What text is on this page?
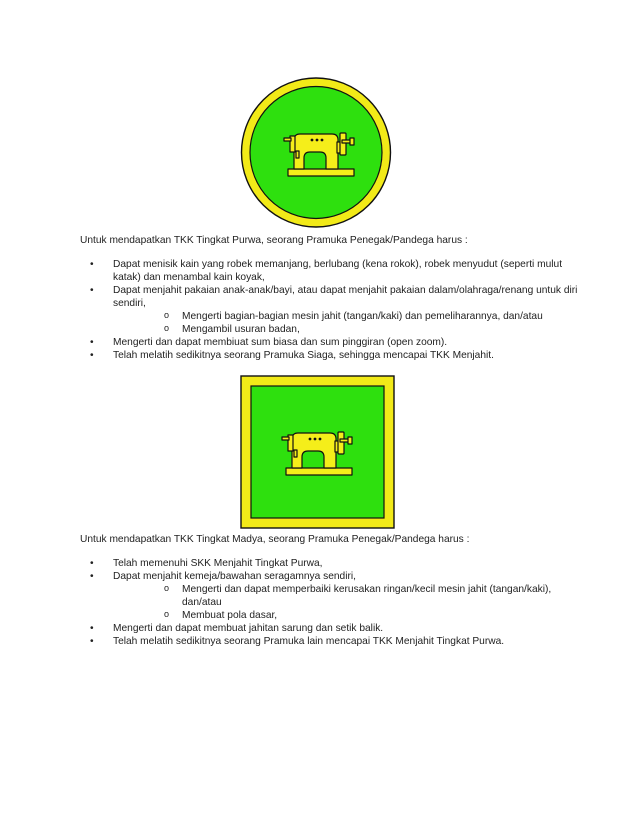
Untuk mendapatkan TKK Tingkat Purwa, seorang Pramuka Penegak/Pandega harus :

• Dapat menisik kain yang robek memanjang, berlubang (kena rokok), robek menyudut (seperti mulut katak) dan menambal kain koyak,
• Dapat menjahit pakaian anak-anak/bayi, atau dapat menjahit pakaian dalam/olahraga/renang untuk diri sendiri,
o Mengerti bagian-bagian mesin jahit (tangan/kaki) dan pemeliharannya, dan/atau
o Mengambil usuran badan,
• Mengerti dan dapat membiuat sum biasa dan sum pinggiran (open zoom).
• Telah melatih sedikitnya seorang Pramuka Siaga, sehingga mencapai TKK Menjahit.

Untuk mendapatkan TKK Tingkat Madya, seorang Pramuka Penegak/Pandega harus :

• Telah memenuhi SKK Menjahit Tingkat Purwa,
• Dapat menjahit kemeja/bawahan seragamnya sendiri,
o Mengerti dan dapat memperbaiki kerusakan ringan/kecil mesin jahit (tangan/kaki), dan/atau
o Membuat pola dasar,
• Mengerti dan dapat membuat jahitan sarung dan setik balik.
• Telah melatih sedikitnya seorang Pramuka lain mencapai TKK Menjahit Tingkat Purwa.
